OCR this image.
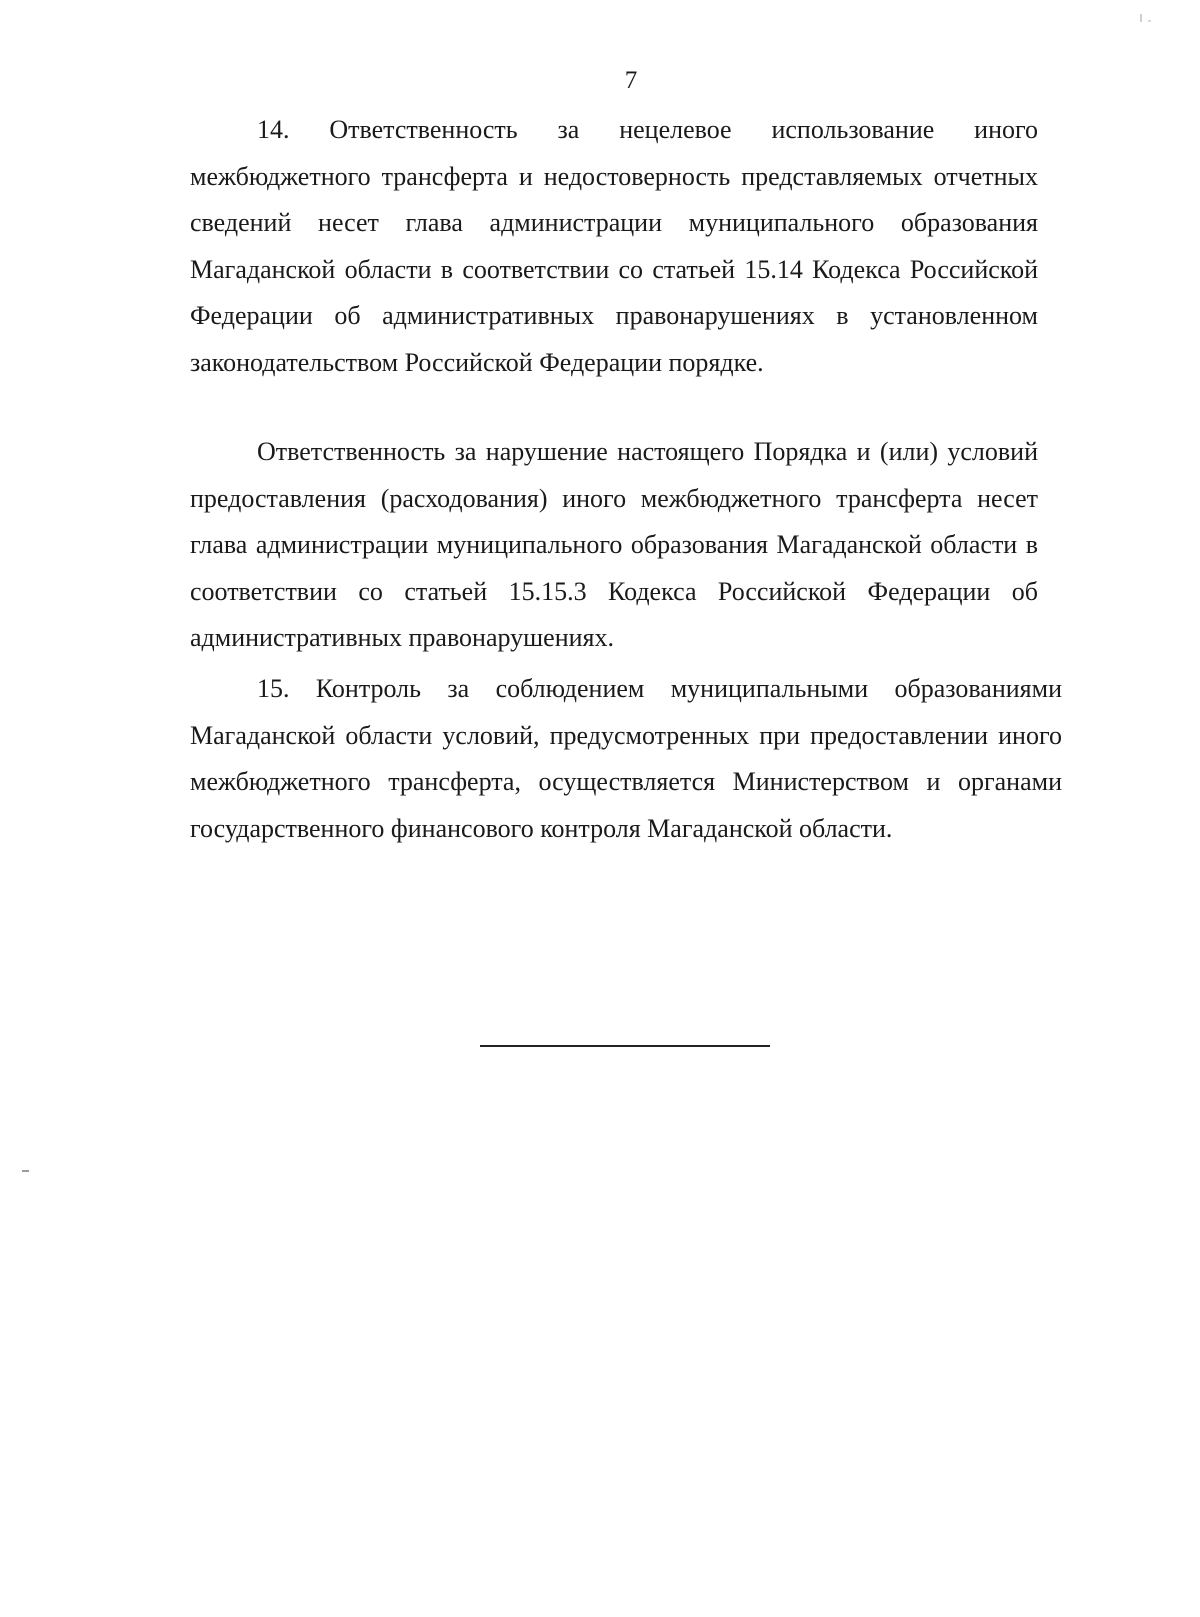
7

14. Ответственность за нецелевое использование иного межбюджетного трансферта и недостоверность представляемых отчетных сведений несет глава администрации муниципального образования Магаданской области в соответствии со статьей 15.14 Кодекса Российской Федерации об административных правонарушениях в установленном законодательством Российской Федерации порядке.

Ответственность за нарушение настоящего Порядка и (или) условий предоставления (расходования) иного межбюджетного трансферта несет глава администрации муниципального образования Магаданской области в соответствии со статьей 15.15.3 Кодекса Российской Федерации об административных правонарушениях.

15. Контроль за соблюдением муниципальными образованиями Магаданской области условий, предусмотренных при предоставлении иного межбюджетного трансферта, осуществляется Министерством и органами государственного финансового контроля Магаданской области.
